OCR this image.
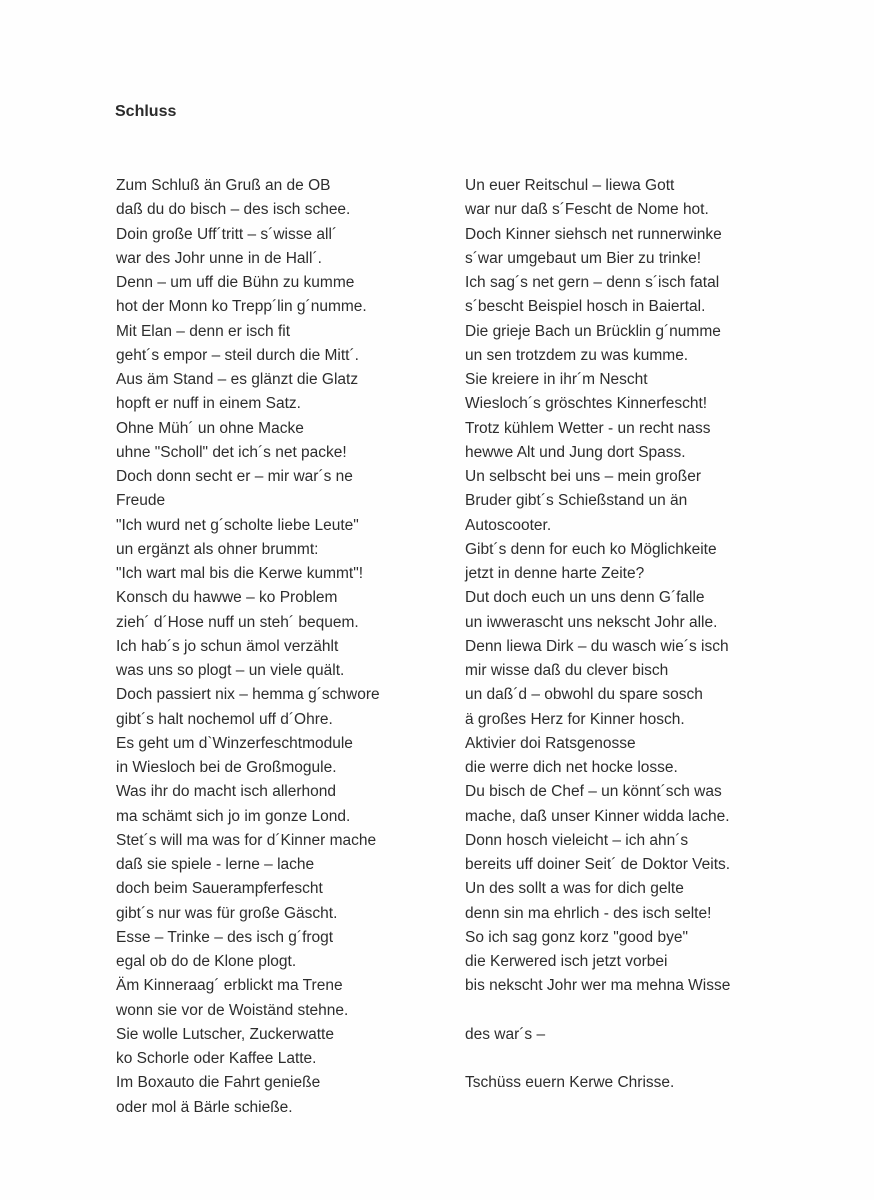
Schluss
Zum Schluß än Gruß an de OB
daß du do bisch – des isch schee.
Doin große Uff´tritt – s´wisse all´
war des Johr unne in de Hall´.
Denn – um uff die Bühn zu kumme
hot der Monn ko Trepp´lin g´numme.
Mit Elan – denn er isch fit
geht´s empor – steil durch die Mitt´.
Aus äm Stand – es glänzt die Glatz
hopft er nuff in einem Satz.
Ohne Müh´ un ohne Macke
uhne "Scholl" det ich´s net packe!
Doch donn secht er – mir war´s ne
Freude
"Ich wurd net g´scholte liebe Leute"
un ergänzt als ohner brummt:
"Ich wart mal bis die Kerwe kummt"!
Konsch du hawwe – ko Problem
zieh´ d´Hose nuff un steh´ bequem.
Ich hab´s jo schun ämol verzählt
was uns so plogt – un viele quält.
Doch passiert nix – hemma g´schwore
gibt´s halt nochemol uff d´Ohre.
Es geht um d`Winzerfeschtmodule
in Wiesloch bei de Großmogule.
Was ihr do macht isch allerhond
ma schämt sich jo im gonze Lond.
Stet´s will ma was for d´Kinner mache
daß sie spiele - lerne – lache
doch beim Sauerampferfescht
gibt´s nur was für große Gäscht.
Esse – Trinke – des isch g´frogt
egal ob do de Klone plogt.
Äm Kinneraag´ erblickt ma Trene
wonn sie vor de Woiständ stehne.
Sie wolle Lutscher, Zuckerwatte
ko Schorle oder Kaffee Latte.
Im Boxauto die Fahrt genieße
oder mol ä Bärle schieße.
Un euer Reitschul – liewa Gott
war nur daß s´Fescht de Nome hot.
Doch Kinner siehsch net runnerwinke
s´war umgebaut um Bier zu trinke!
Ich sag´s net gern – denn s´isch fatal
s´bescht Beispiel hosch in Baiertal.
Die grieje Bach un Brücklin g´numme
un sen trotzdem zu was kumme.
Sie kreiere in ihr´m Nescht
Wiesloch´s gröschtes Kinnerfescht!
Trotz kühlem Wetter - un recht nass
hewwe Alt und Jung dort Spass.
Un selbscht bei uns – mein großer
Bruder gibt´s Schießstand un än
Autoscooter.
Gibt´s denn for euch ko Möglichkeite
jetzt in denne harte Zeite?
Dut doch euch un uns denn G´falle
un iwwerascht uns nekscht Johr alle.
Denn liewa Dirk – du wasch wie´s isch
mir wisse daß du clever bisch
un daß´d – obwohl du spare sosch
ä großes Herz for Kinner hosch.
Aktivier doi Ratsgenosse
die werre dich net hocke losse.
Du bisch de Chef – un könnt´sch was
mache, daß unser Kinner widda lache.
Donn hosch vieleicht – ich ahn´s
bereits uff doiner Seit´ de Doktor Veits.
Un des sollt a was for dich gelte
denn sin ma ehrlich - des isch selte!
So ich sag gonz korz "good bye"
die Kerwered isch jetzt vorbei
bis nekscht Johr wer ma mehna Wisse
des war´s –
Tschüss euern Kerwe Chrisse.
